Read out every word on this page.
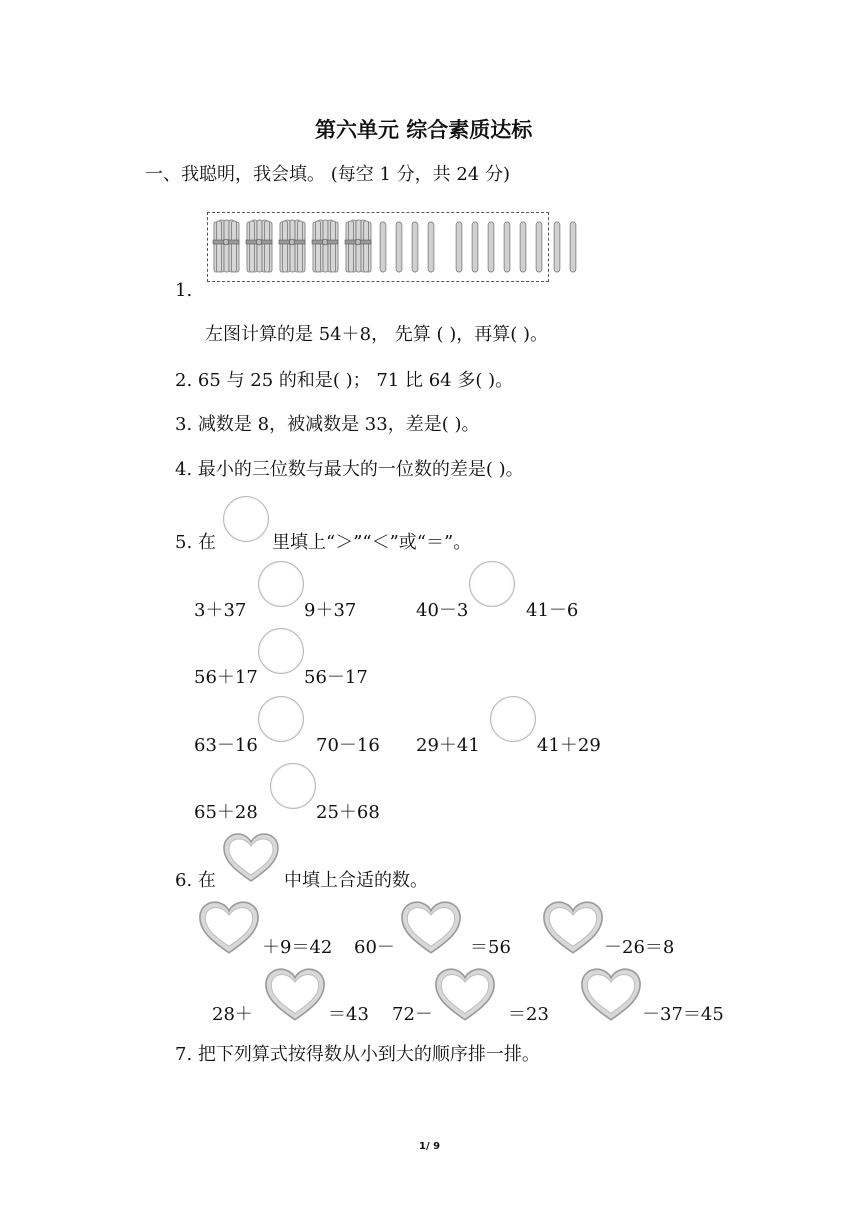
第六单元 综合素质达标
一、我聪明，我会填。 (每空 1 分，共 24 分)
1.
左图计算的是 54＋8， 先算 ( )，再算( )。
2. 65 与 25 的和是( )； 71 比 64 多( )。
3. 减数是 8，被减数是 33，差是( )。
4. 最小的三位数与最大的一位数的差是( )。
5. 在	里填上“＞”“＜”或“＝”。
3＋37	9＋37	40－3	41－6
56＋17	56－17
63－16	70－16 29＋41	41＋29
65＋28	25＋68
6. 在	中填上合适的数。
＋9＝42 60－	＝56	－26＝8
28＋	＝43 72－	＝23	－37＝45
7. 把下列算式按得数从小到大的顺序排一排。
1/ 9
